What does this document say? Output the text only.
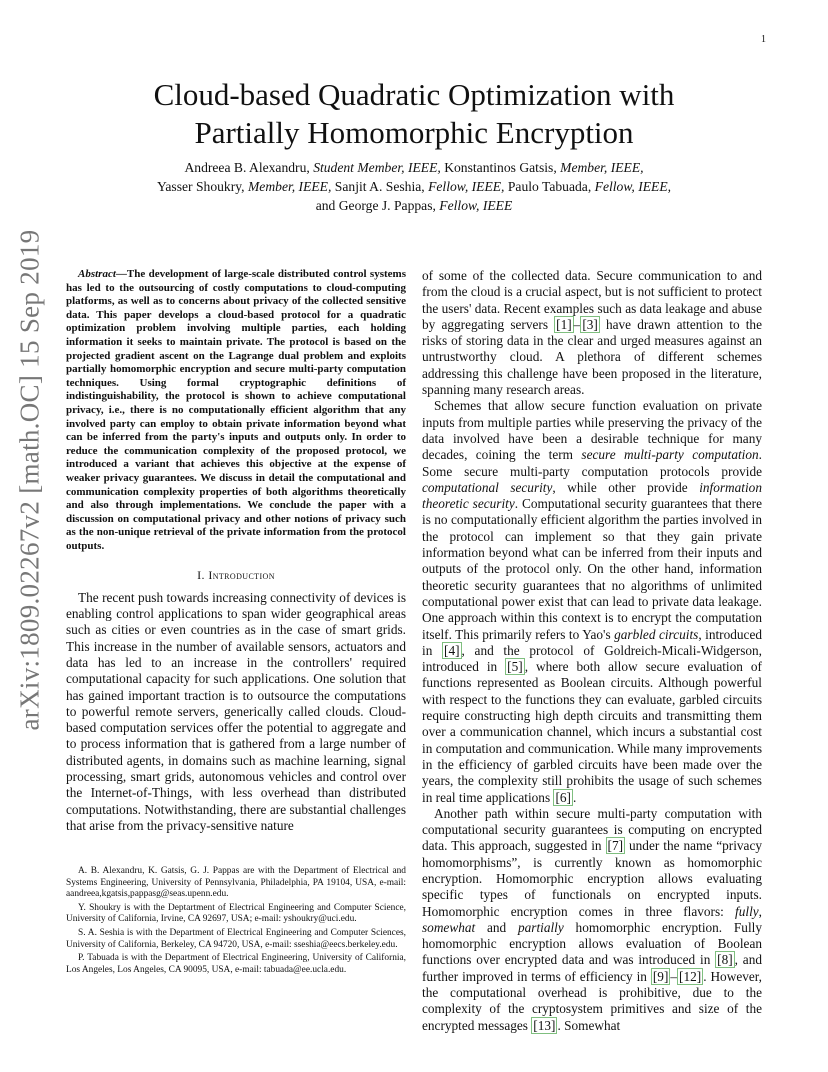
1
arXiv:1809.02267v2 [math.OC] 15 Sep 2019
Cloud-based Quadratic Optimization with
Partially Homomorphic Encryption
Andreea B. Alexandru, Student Member, IEEE, Konstantinos Gatsis, Member, IEEE,
Yasser Shoukry, Member, IEEE, Sanjit A. Seshia, Fellow, IEEE, Paulo Tabuada, Fellow, IEEE,
and George J. Pappas, Fellow, IEEE

Abstract—The development of large-scale distributed control systems has led to the outsourcing of costly computations to cloud-computing platforms, as well as to concerns about privacy of the collected sensitive data. This paper develops a cloud-based protocol for a quadratic optimization problem involving multiple parties, each holding information it seeks to maintain private. The protocol is based on the projected gradient ascent on the Lagrange dual problem and exploits partially homomorphic encryption and secure multi-party computation techniques. Using formal cryptographic definitions of indistinguishability, the protocol is shown to achieve computational privacy, i.e., there is no computationally efficient algorithm that any involved party can employ to obtain private information beyond what can be inferred from the party's inputs and outputs only. In order to reduce the communication complexity of the proposed protocol, we introduced a variant that achieves this objective at the expense of weaker privacy guarantees. We discuss in detail the computational and communication complexity properties of both algorithms theoretically and also through implementations. We conclude the paper with a discussion on computational privacy and other notions of privacy such as the non-unique retrieval of the private information from the protocol outputs.

I. Introduction

The recent push towards increasing connectivity of devices is enabling control applications to span wider geographical areas such as cities or even countries as in the case of smart grids. This increase in the number of available sensors, actuators and data has led to an increase in the controllers' required computational capacity for such applications. One solution that has gained important traction is to outsource the computations to powerful remote servers, generically called clouds. Cloud-based computation services offer the potential to aggregate and to process information that is gathered from a large number of distributed agents, in domains such as machine learning, signal processing, smart grids, autonomous vehicles and control over the Internet-of-Things, with less overhead than distributed computations. Notwithstanding, there are substantial challenges that arise from the privacy-sensitive nature

A. B. Alexandru, K. Gatsis, G. J. Pappas are with the Department of Electrical and Systems Engineering, University of Pennsylvania, Philadelphia, PA 19104, USA, e-mail: aandreea,kgatsis,pappasg@seas.upenn.edu.

Y. Shoukry is with the Deptartment of Electrical Engineering and Computer Science, University of California, Irvine, CA 92697, USA; e-mail: yshoukry@uci.edu.

S. A. Seshia is with the Department of Electrical Engineering and Computer Sciences, University of California, Berkeley, CA 94720, USA, e-mail: sseshia@eecs.berkeley.edu.

P. Tabuada is with the Department of Electrical Engineering, University of California, Los Angeles, Los Angeles, CA 90095, USA, e-mail: tabuada@ee.ucla.edu.

of some of the collected data. Secure communication to and from the cloud is a crucial aspect, but is not sufficient to protect the users' data. Recent examples such as data leakage and abuse by aggregating servers [1] – [3] have drawn attention to the risks of storing data in the clear and urged measures against an untrustworthy cloud. A plethora of different schemes addressing this challenge have been proposed in the literature, spanning many research areas.

Schemes that allow secure function evaluation on private inputs from multiple parties while preserving the privacy of the data involved have been a desirable technique for many decades, coining the term secure multi-party computation. Some secure multi-party computation protocols provide computational security, while other provide information theoretic security. Computational security guarantees that there is no computationally efficient algorithm the parties involved in the protocol can implement so that they gain private information beyond what can be inferred from their inputs and outputs of the protocol only. On the other hand, information theoretic security guarantees that no algorithms of unlimited computational power exist that can lead to private data leakage. One approach within this context is to encrypt the computation itself. This primarily refers to Yao's garbled circuits, introduced in [4] , and the protocol of Goldreich-Micali-Widgerson, introduced in [5] , where both allow secure evaluation of functions represented as Boolean circuits. Although powerful with respect to the functions they can evaluate, garbled circuits require constructing high depth circuits and transmitting them over a communication channel, which incurs a substantial cost in computation and communication. While many improvements in the efficiency of garbled circuits have been made over the years, the complexity still prohibits the usage of such schemes in real time applications [6] .

Another path within secure multi-party computation with computational security guarantees is computing on encrypted data. This approach, suggested in [7] under the name “privacy homomorphisms”, is currently known as homomorphic encryption. Homomorphic encryption allows evaluating specific types of functionals on encrypted inputs. Homomorphic encryption comes in three flavors: fully, somewhat and partially homomorphic encryption. Fully homomorphic encryption allows evaluation of Boolean functions over encrypted data and was introduced in [8] , and further improved in terms of efficiency in [9] – [12] . However, the computational overhead is prohibitive, due to the complexity of the cryptosystem primitives and size of the encrypted messages [13] . Somewhat
